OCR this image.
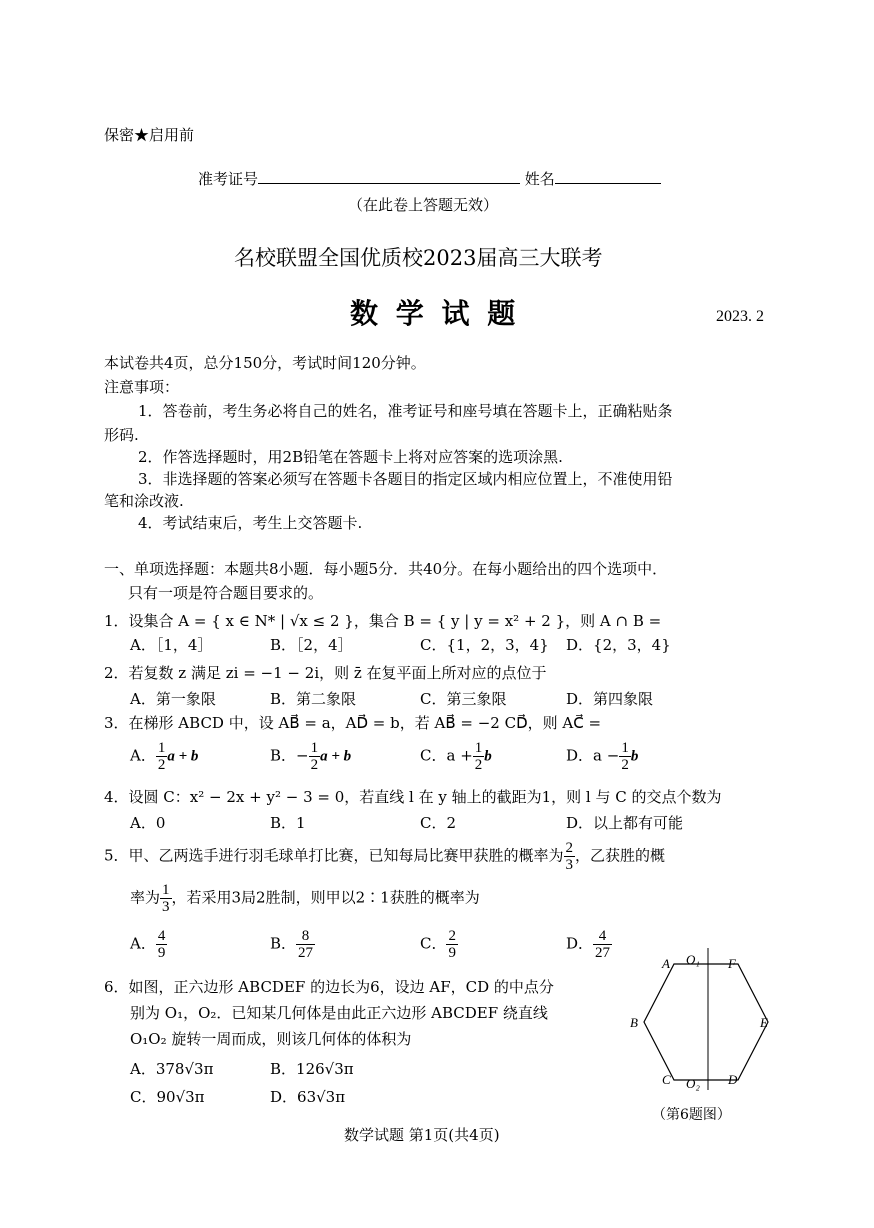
保密★启用前
准考证号	姓名
（在此卷上答题无效）
名校联盟全国优质校2023届高三大联考
数 学 试 题	2023. 2
本试卷共4页，总分150分，考试时间120分钟。
注意事项：
1．答卷前，考生务必将自己的姓名，准考证号和座号填在答题卡上，正确粘贴条
形码.
2．作答选择题时，用2B铅笔在答题卡上将对应答案的选项涂黑.
3．非选择题的答案必须写在答题卡各题目的指定区域内相应位置上，不准使用铅
笔和涂改液.
4．考试结束后，考生上交答题卡.
一、单项选择题：本题共8小题．每小题5分．共40分。在每小题给出的四个选项中．
只有一项是符合题目要求的。
1．设集合 A = { x ∈ N* | √x ≤ 2 }，集合 B = { y | y = x² + 2 }，则 A ∩ B =
A．［1，4］	B．［2，4］	C．{1，2，3，4} D．{2，3，4}
2．若复数 z 满足 zi = −1 − 2i，则 z̄ 在复平面上所对应的点位于
A．第一象限	B．第二象限	C．第三象限	D．第四象限
3．在梯形 ABCD 中，设 AB⃗ = a，AD⃗ = b，若 AB⃗ = −2 CD⃗，则 AC⃗ =
A． $\frac{1}{2}$ a + b	B．− $\frac{1}{2}$ a + b	C．$a + \frac{1}{2}$ b	D．$a - \frac{1}{2}$ b
4．设圆 C：x² − 2x + y² − 3 = 0，若直线 l 在 y 轴上的截距为1，则 l 与 C 的交点个数为
A．0	B．1	C．2	D．以上都有可能
5．甲、乙两选手进行羽毛球单打比赛，已知每局比赛甲获胜的概率为 $\frac{2}{3}$ ，乙获胜的概
率为 $\frac{1}{3}$ ，若采用3局2胜制，则甲以2∶1获胜的概率为
A． $\frac{4}{9}$	B． $\frac{8}{27}$	C． $\frac{2}{9}$	D． $\frac{4}{27}$
6．如图，正六边形 ABCDEF 的边长为6，设边 AF，CD 的中点分
别为 O₁，O₂．已知某几何体是由此正六边形 ABCDEF 绕直线
O₁O₂ 旋转一周而成，则该几何体的体积为
A．378√3π	B．126√3π
C．90√3π	D．63√3π
A O₁ F
B	E
C O₂ D
（第6题图）
数学试题 第1页(共4页)
